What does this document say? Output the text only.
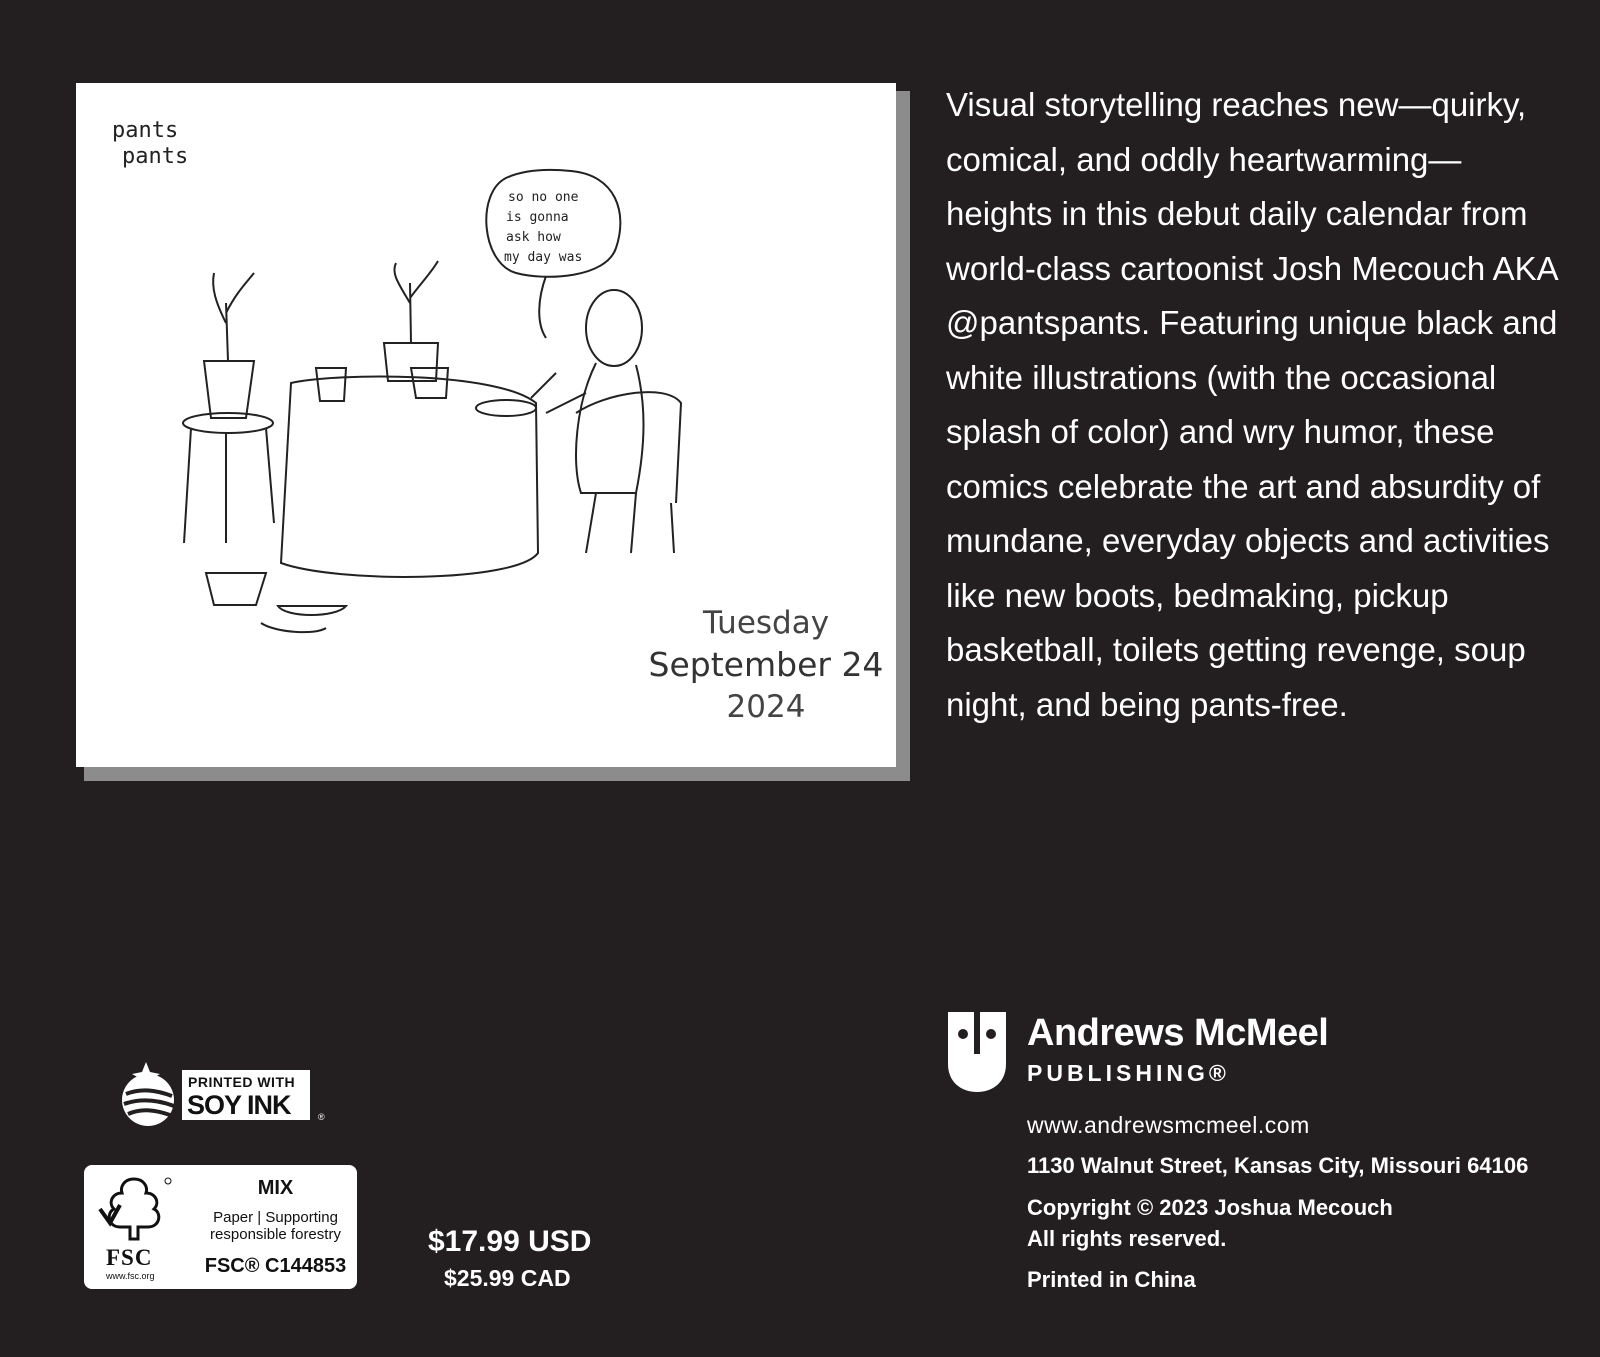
pants
pants
so no one is gonna ask how my day was
Tuesday
September 24
2024

Visual storytelling reaches new—quirky, comical, and oddly heartwarming—heights in this debut daily calendar from world-class cartoonist Josh Mecouch AKA @pantspants. Featuring unique black and white illustrations (with the occasional splash of color) and wry humor, these comics celebrate the art and absurdity of mundane, everyday objects and activities like new boots, bedmaking, pickup basketball, toilets getting revenge, soup night, and being pants-free.

Andrews McMeel
PUBLISHING®
www.andrewsmcmeel.com
1130 Walnut Street, Kansas City, Missouri 64106
Copyright © 2023 Joshua Mecouch
All rights reserved.
Printed in China
PRINTED WITH
SOY INK	®
FSC
www.fsc.org
MIX
Paper | Supporting responsible forestry
FSC® C144853
$17.99 USD
$25.99 CAD
